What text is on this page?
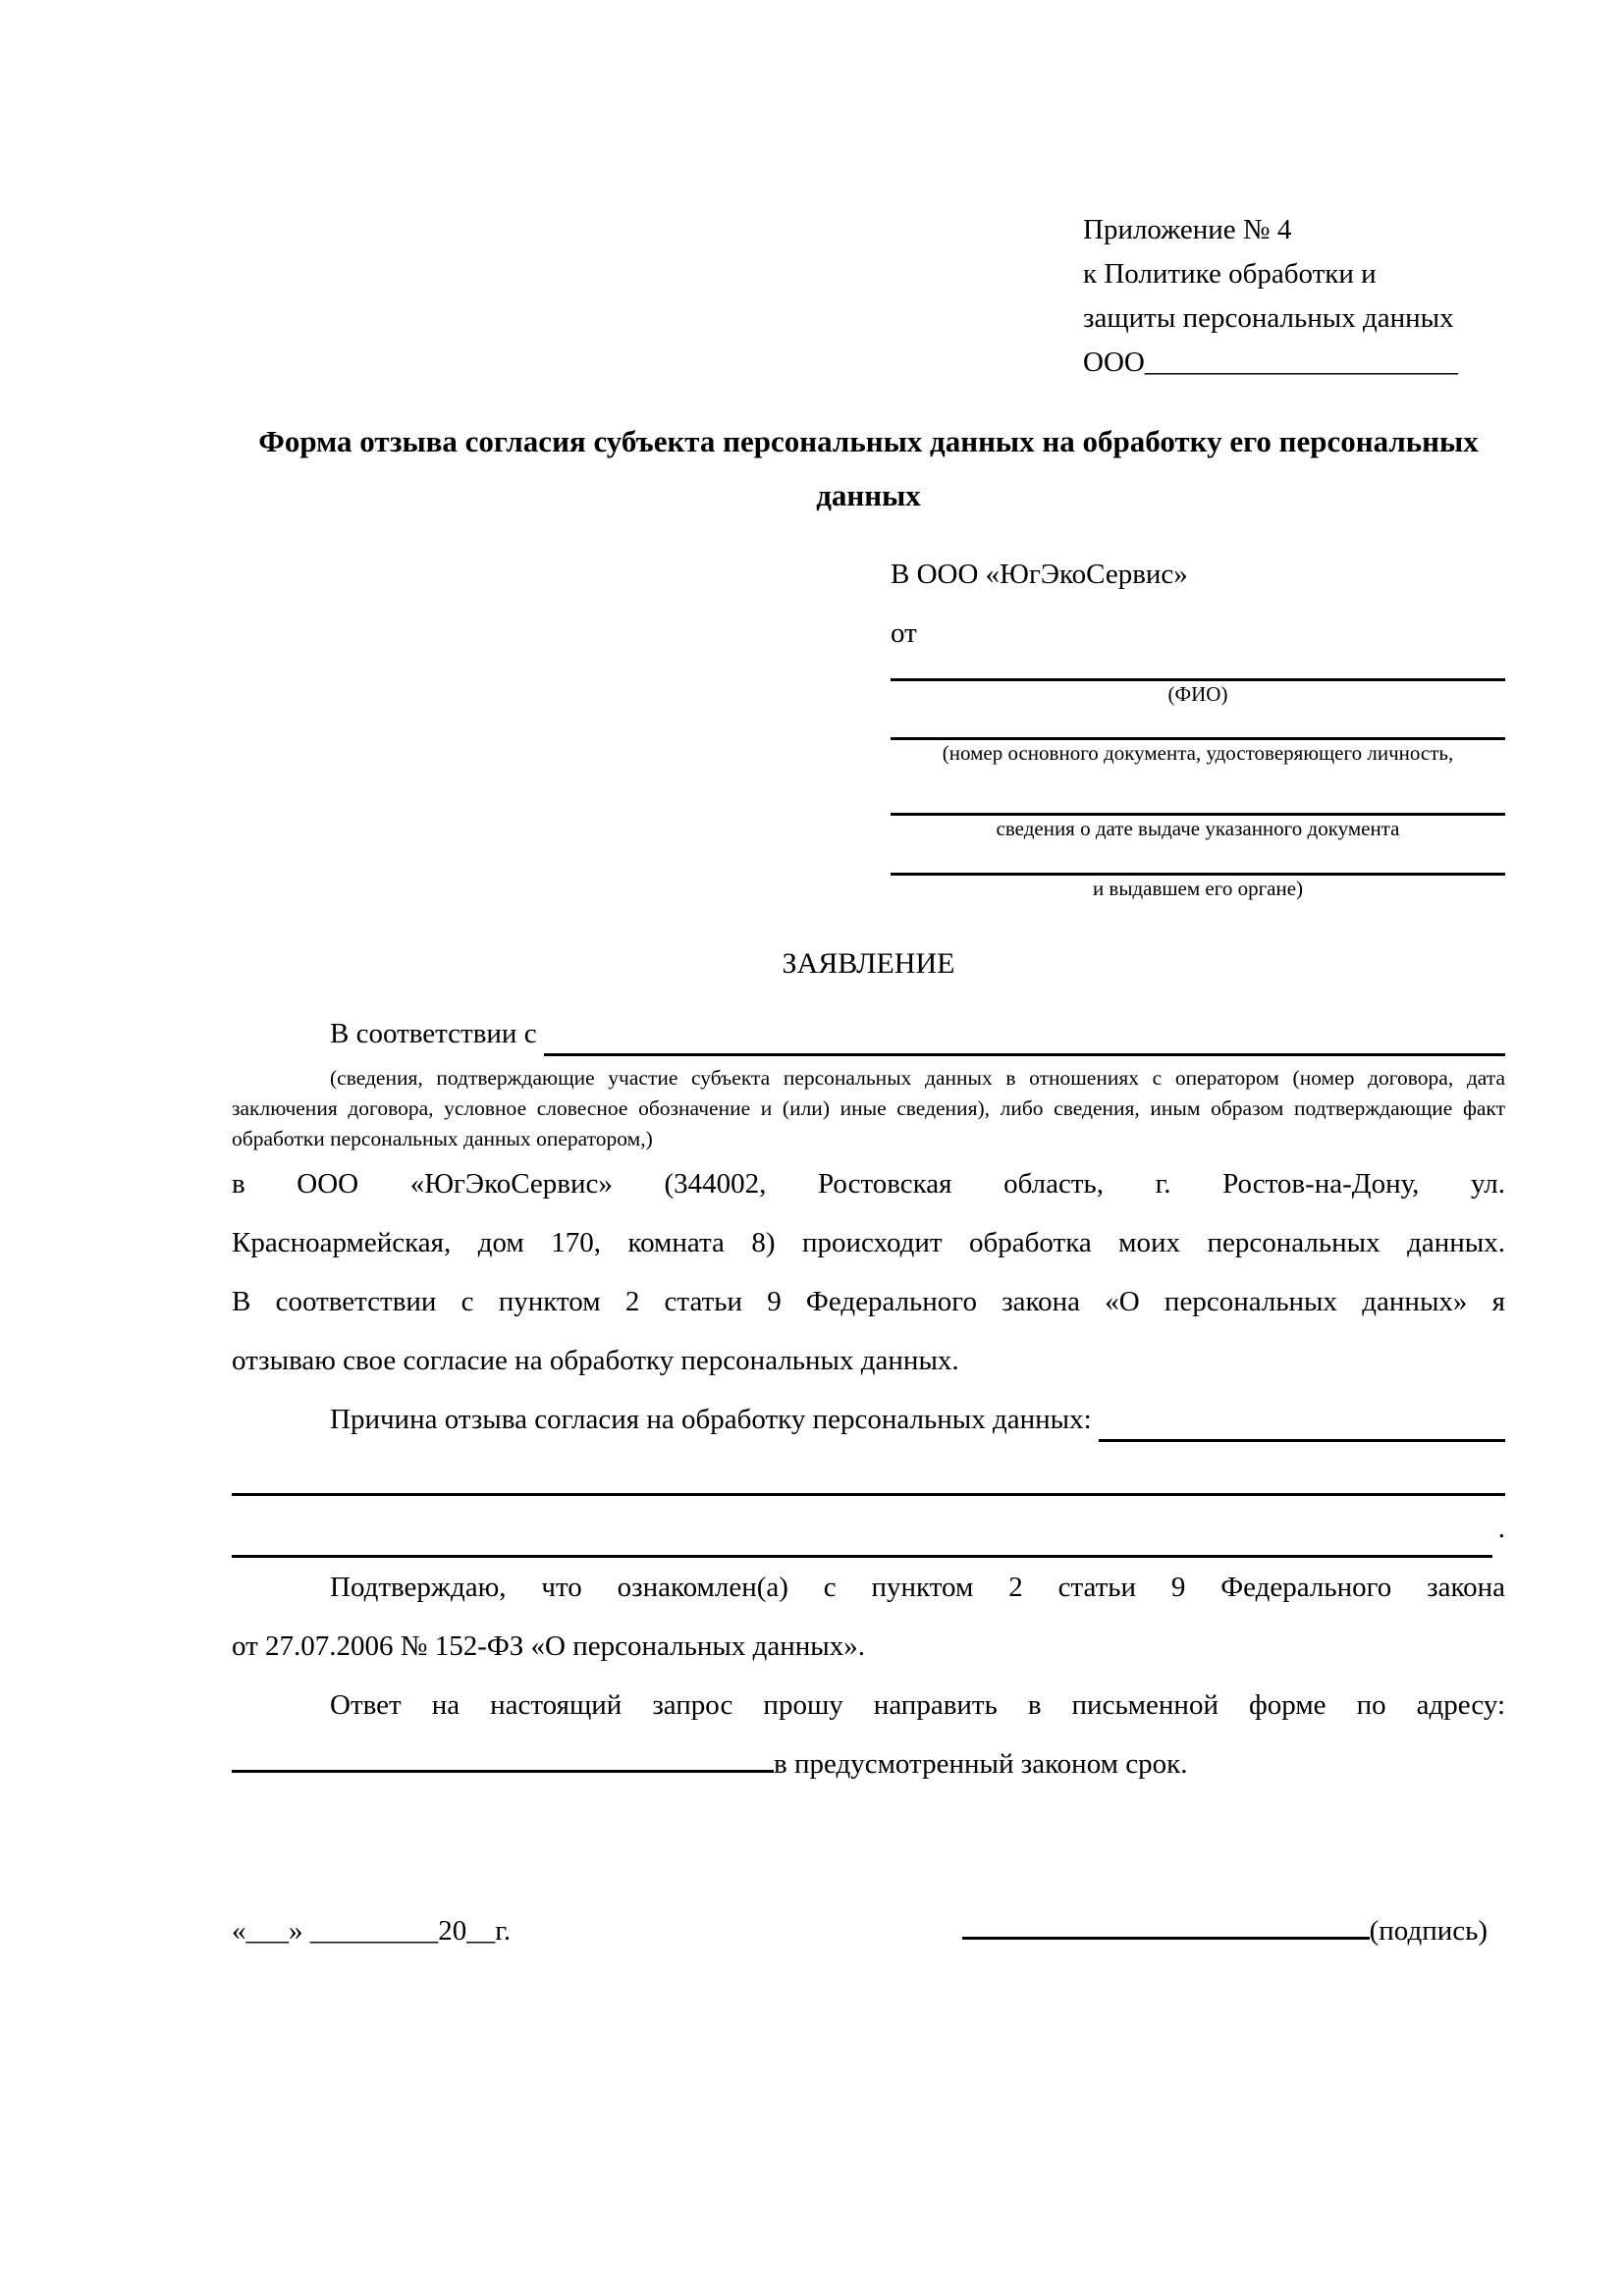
Приложение № 4
к Политике обработки и
защиты персональных данных
ООО______________________
Форма отзыва согласия субъекта персональных данных на обработку его персональных данных
В ООО «ЮгЭкоСервис»
от
(ФИО)
(номер основного документа, удостоверяющего личность,
сведения о дате выдаче указанного документа
и выдавшем его органе)
ЗАЯВЛЕНИЕ
В соответствии с
(сведения, подтверждающие участие субъекта персональных данных в отношениях с оператором (номер договора, дата заключения договора, условное словесное обозначение и (или) иные сведения), либо сведения, иным образом подтверждающие факт обработки персональных данных оператором,)
в ООО «ЮгЭкоСервис» (344002, Ростовская область, г. Ростов-на-Дону, ул.
Красноармейская, дом 170, комната 8) происходит обработка моих персональных данных.
В соответствии с пунктом 2 статьи 9 Федерального закона «О персональных данных» я
отзываю свое согласие на обработку персональных данных.
Причина отзыва согласия на обработку персональных данных:
.
Подтверждаю, что ознакомлен(а) с пунктом 2 статьи 9 Федерального закона
от 27.07.2006 № 152-ФЗ «О персональных данных».
Ответ на настоящий запрос прошу направить в письменной форме по адресу:
в предусмотренный законом срок.
«___» _________20__г.	(подпись)
